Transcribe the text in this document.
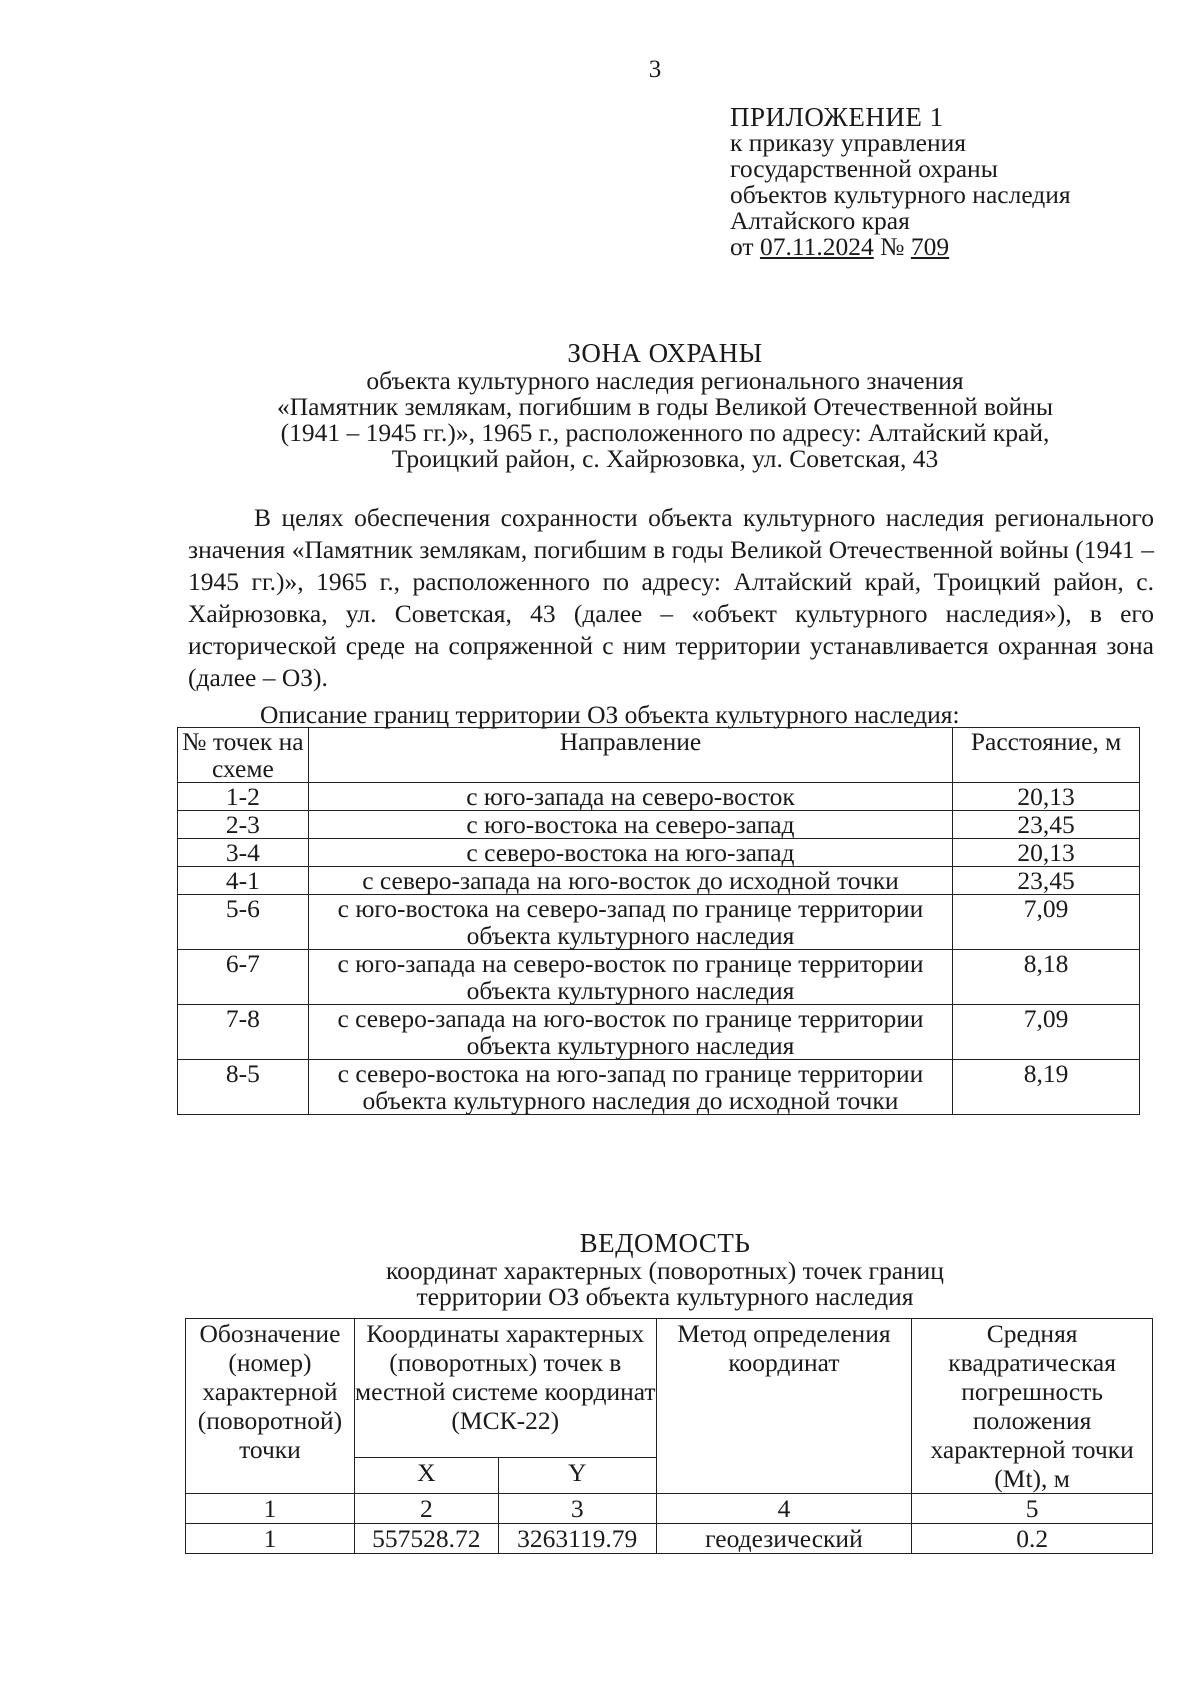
3
ПРИЛОЖЕНИЕ 1
к приказу управления
государственной охраны
объектов культурного наследия
Алтайского края
от 07.11.2024 № 709
ЗОНА ОХРАНЫ
объекта культурного наследия регионального значения
«Памятник землякам, погибшим в годы Великой Отечественной войны
(1941 – 1945 гг.)», 1965 г., расположенного по адресу: Алтайский край,
Троицкий район, с. Хайрюзовка, ул. Советская, 43
В целях обеспечения сохранности объекта культурного наследия регионального значения «Памятник землякам, погибшим в годы Великой Отечественной войны (1941 – 1945 гг.)», 1965 г., расположенного по адресу: Алтайский край, Троицкий район, с. Хайрюзовка, ул. Советская, 43 (далее – «объект культурного наследия»), в его исторической среде на сопряженной с ним территории устанавливается охранная зона (далее – ОЗ).
Описание границ территории ОЗ объекта культурного наследия:
№ точек на схеме	Направление	Расстояние, м
1-2	с юго-запада на северо-восток	20,13
2-3	с юго-востока на северо-запад	23,45
3-4	с северо-востока на юго-запад	20,13
4-1	с северо-запада на юго-восток до исходной точки	23,45
5-6	с юго-востока на северо-запад по границе территории объекта культурного наследия	7,09
6-7	с юго-запада на северо-восток по границе территории объекта культурного наследия	8,18
7-8	с северо-запада на юго-восток по границе территории объекта культурного наследия	7,09
8-5	с северо-востока на юго-запад по границе территории объекта культурного наследия до исходной точки	8,19
ВЕДОМОСТЬ
координат характерных (поворотных) точек границ
территории ОЗ объекта культурного наследия
Обозначение (номер) характерной (поворотной) точки	Координаты характерных (поворотных) точек в местной системе координат (МСК-22)		Метод определения координат	Средняя квадратическая погрешность положения характерной точки (Mt), м
	X	Y		
1	2	3	4	5
1	557528.72	3263119.79	геодезический	0.2
